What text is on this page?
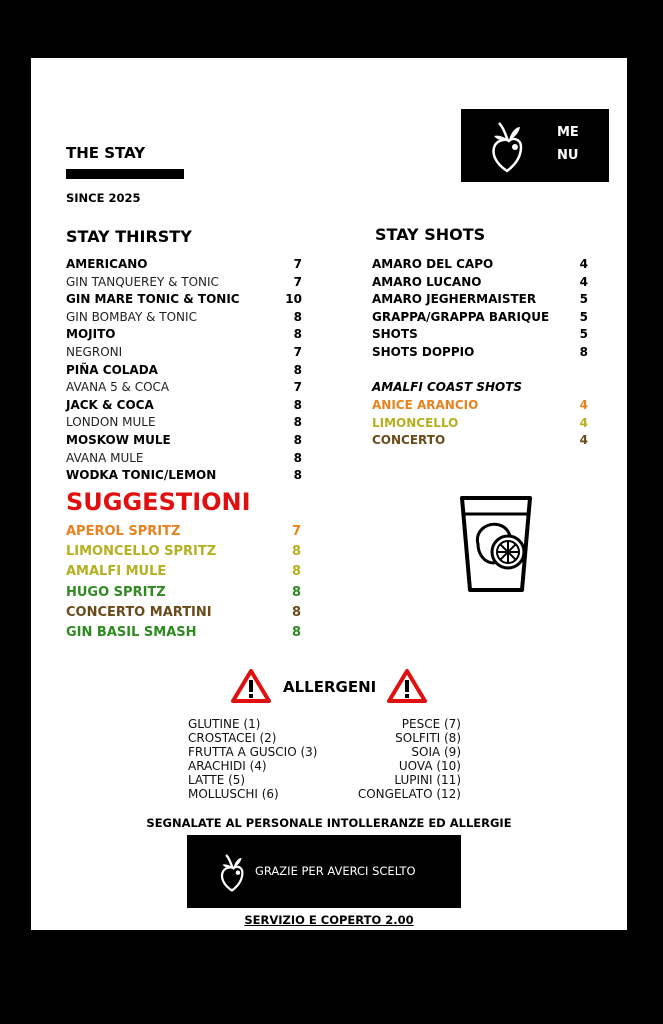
THE STAY
SINCE 2025
ME
NU
STAY THIRSTY
AMERICANO	7
GIN TANQUEREY & TONIC	7
GIN MARE TONIC & TONIC	10
GIN BOMBAY & TONIC	8
MOJITO	8
NEGRONI	7
PIÑA COLADA	8
AVANA 5 & COCA	7
JACK & COCA	8
LONDON MULE	8
MOSKOW MULE	8
AVANA MULE	8
WODKA TONIC/LEMON	8
SUGGESTIONI
APEROL SPRITZ	7
LIMONCELLO SPRITZ	8
AMALFI MULE	8
HUGO SPRITZ	8
CONCERTO MARTINI	8
GIN BASIL SMASH	8
STAY SHOTS
AMARO DEL CAPO	4
AMARO LUCANO	4
AMARO JEGHERMAISTER	5
GRAPPA/GRAPPA BARIQUE	5
SHOTS	5
SHOTS DOPPIO	8
AMALFI COAST SHOTS
ANICE ARANCIO	4
LIMONCELLO	4
CONCERTO	4
ALLERGENI
GLUTINE (1)
CROSTACEI (2)
FRUTTA A GUSCIO (3)
ARACHIDI (4)
LATTE (5)
MOLLUSCHI (6)
PESCE (7)
SOLFITI (8)
SOIA (9)
UOVA (10)
LUPINI (11)
CONGELATO (12)
SEGNALATE AL PERSONALE INTOLLERANZE ED ALLERGIE
GRAZIE PER AVERCI SCELTO
SERVIZIO E COPERTO 2.00
